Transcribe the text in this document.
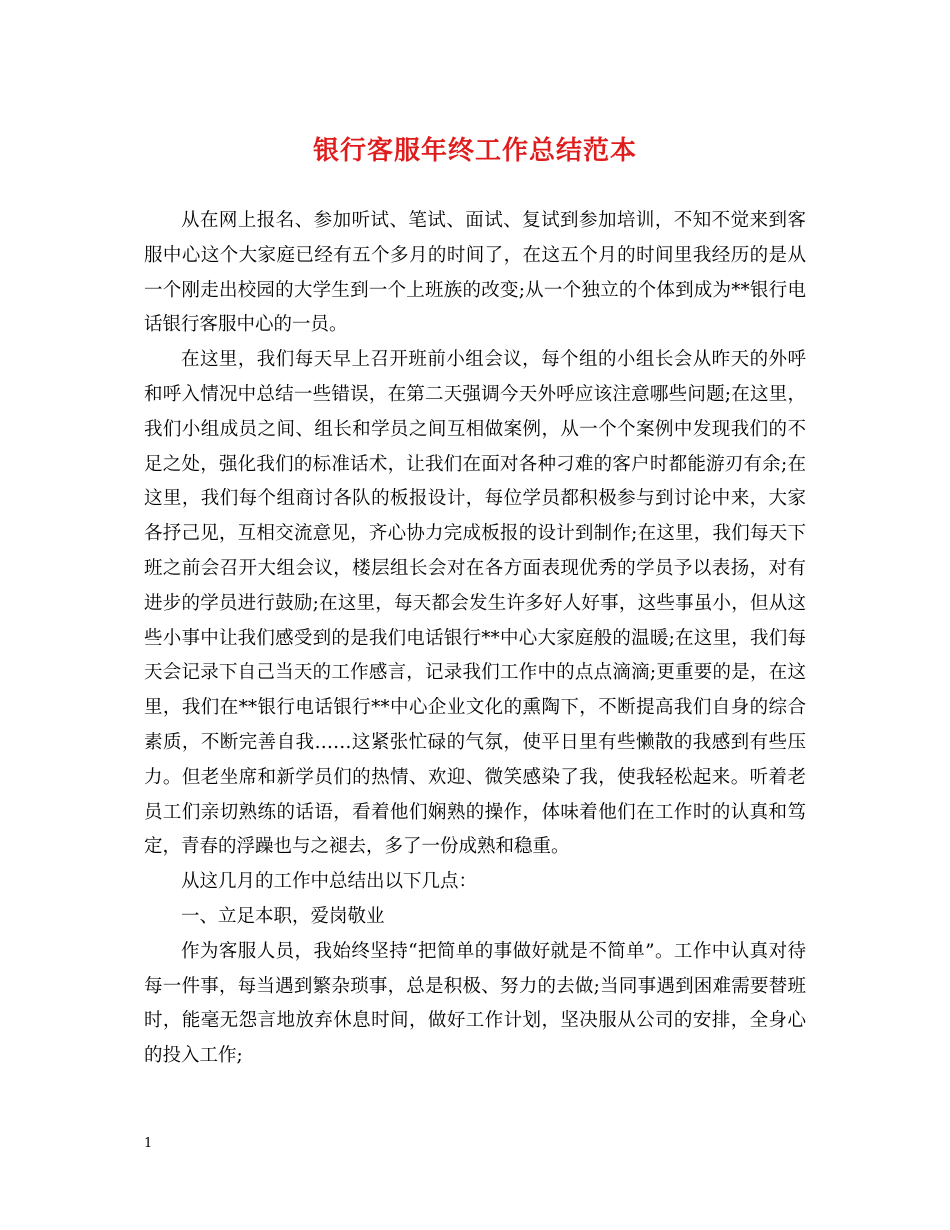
银行客服年终工作总结范本

从在网上报名、参加听试、笔试、面试、复试到参加培训，不知不觉来到客服中心这个大家庭已经有五个多月的时间了，在这五个月的时间里我经历的是从一个刚走出校园的大学生到一个上班族的改变;从一个独立的个体到成为**银行电话银行客服中心的一员。

在这里，我们每天早上召开班前小组会议，每个组的小组长会从昨天的外呼和呼入情况中总结一些错误，在第二天强调今天外呼应该注意哪些问题;在这里，我们小组成员之间、组长和学员之间互相做案例，从一个个案例中发现我们的不足之处，强化我们的标准话术，让我们在面对各种刁难的客户时都能游刃有余;在这里，我们每个组商讨各队的板报设计，每位学员都积极参与到讨论中来，大家各抒己见，互相交流意见，齐心协力完成板报的设计到制作;在这里，我们每天下班之前会召开大组会议，楼层组长会对在各方面表现优秀的学员予以表扬，对有进步的学员进行鼓励;在这里，每天都会发生许多好人好事，这些事虽小，但从这些小事中让我们感受到的是我们电话银行**中心大家庭般的温暖;在这里，我们每天会记录下自己当天的工作感言，记录我们工作中的点点滴滴;更重要的是，在这里，我们在**银行电话银行**中心企业文化的熏陶下，不断提高我们自身的综合素质，不断完善自我……这紧张忙碌的气氛，使平日里有些懒散的我感到有些压力。但老坐席和新学员们的热情、欢迎、微笑感染了我，使我轻松起来。听着老员工们亲切熟练的话语，看着他们娴熟的操作，体味着他们在工作时的认真和笃定，青春的浮躁也与之褪去，多了一份成熟和稳重。

从这几月的工作中总结出以下几点：

一、立足本职，爱岗敬业

作为客服人员，我始终坚持“把简单的事做好就是不简单”。工作中认真对待每一件事，每当遇到繁杂琐事，总是积极、努力的去做;当同事遇到困难需要替班时，能毫无怨言地放弃休息时间，做好工作计划，坚决服从公司的安排，全身心的投入工作;

1
